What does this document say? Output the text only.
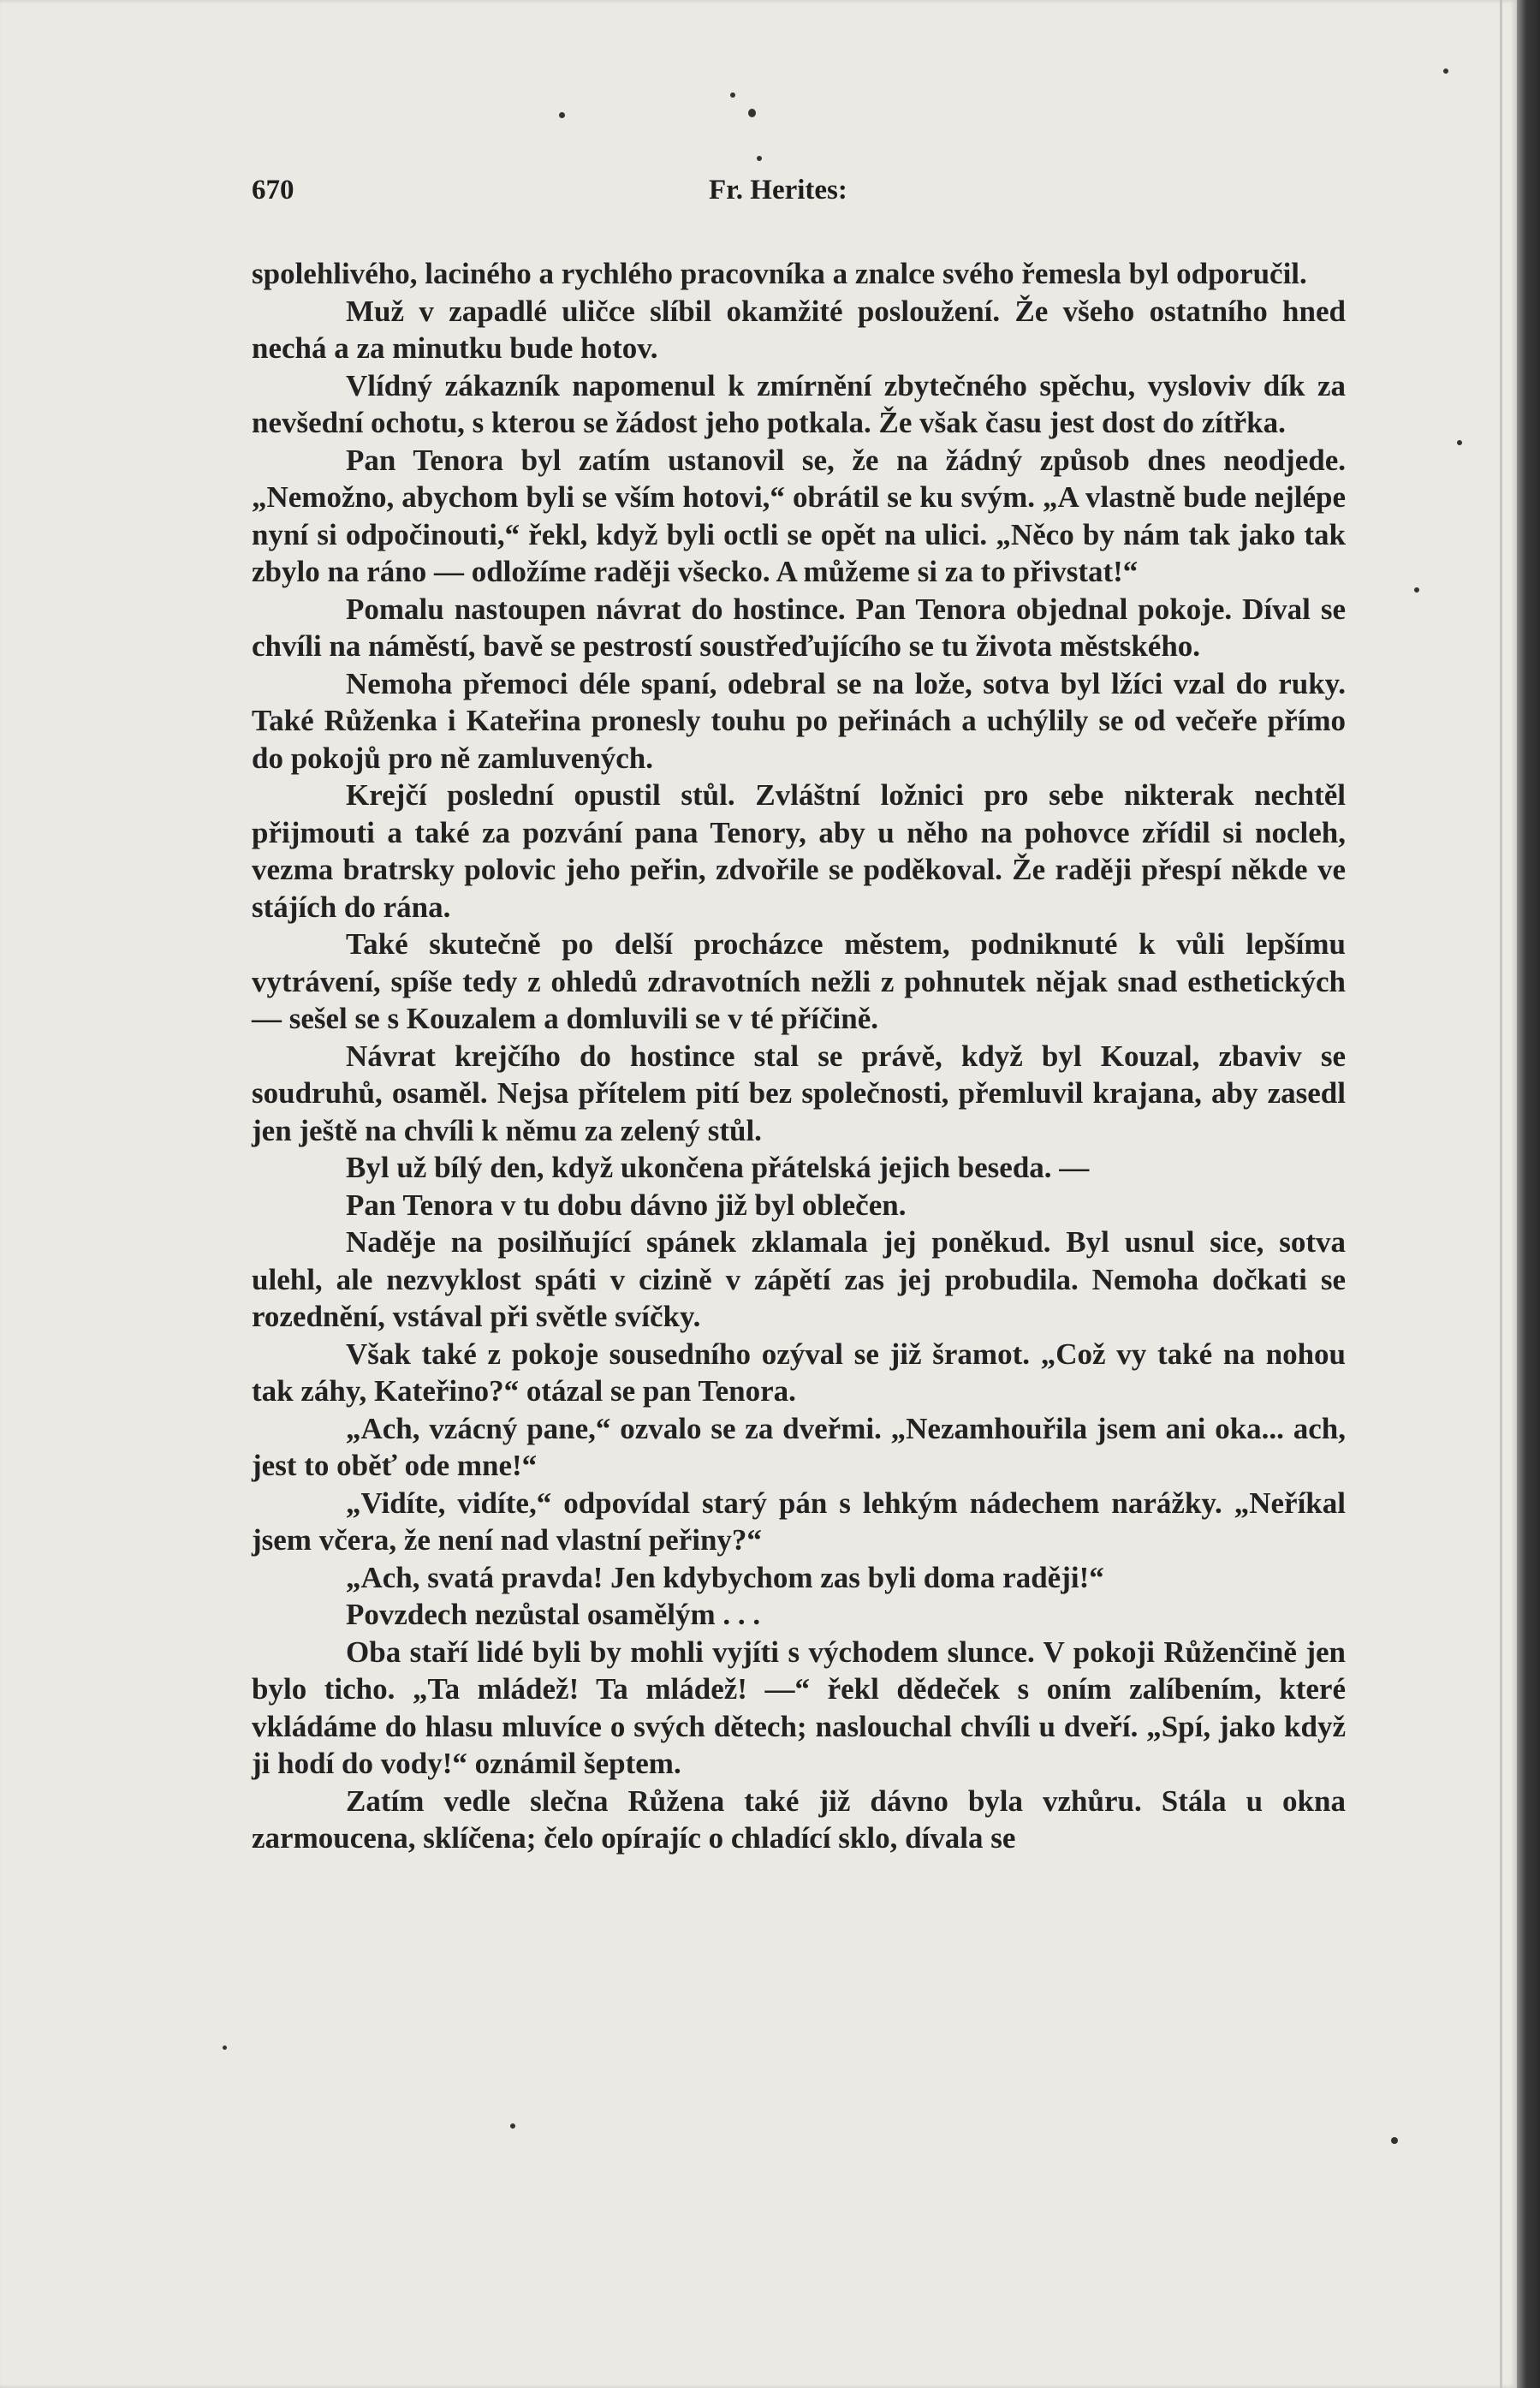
670	Fr. Herites:

spolehlivého, laciného a rychlého pracovníka a znalce svého řemesla byl odporučil.

Muž v zapadlé uličce slíbil okamžité posloužení. Že všeho ostatního hned nechá a za minutku bude hotov.

Vlídný zákazník napomenul k zmírnění zbytečného spěchu, vysloviv dík za nevšední ochotu, s kterou se žádost jeho potkala. Že však času jest dost do zítřka.

Pan Tenora byl zatím ustanovil se, že na žádný způsob dnes neodjede. „Nemožno, abychom byli se vším hotovi,“ obrátil se ku svým. „A vlastně bude nejlépe nyní si odpočinouti,“ řekl, když byli octli se opět na ulici. „Něco by nám tak jako tak zbylo na ráno — odložíme raději všecko. A můžeme si za to přivstat!“

Pomalu nastoupen návrat do hostince. Pan Tenora objednal pokoje. Díval se chvíli na náměstí, bavě se pestrostí soustřeďujícího se tu života městského.

Nemoha přemoci déle spaní, odebral se na lože, sotva byl lžíci vzal do ruky. Také Růženka i Kateřina pronesly touhu po peřinách a uchýlily se od večeře přímo do pokojů pro ně zamluvených.

Krejčí poslední opustil stůl. Zvláštní ložnici pro sebe nikterak nechtěl přijmouti a také za pozvání pana Tenory, aby u něho na pohovce zřídil si nocleh, vezma bratrsky polovic jeho peřin, zdvořile se poděkoval. Že raději přespí někde ve stájích do rána.

Také skutečně po delší procházce městem, podniknuté k vůli lepšímu vytrávení, spíše tedy z ohledů zdravotních nežli z pohnutek nějak snad esthetických — sešel se s Kouzalem a domluvili se v té příčině.

Návrat krejčího do hostince stal se právě, když byl Kouzal, zbaviv se soudruhů, osaměl. Nejsa přítelem pití bez společnosti, přemluvil krajana, aby zasedl jen ještě na chvíli k němu za zelený stůl.

Byl už bílý den, když ukončena přátelská jejich beseda. —

Pan Tenora v tu dobu dávno již byl oblečen.

Naděje na posilňující spánek zklamala jej poněkud. Byl usnul sice, sotva ulehl, ale nezvyklost spáti v cizině v zápětí zas jej probudila. Nemoha dočkati se rozednění, vstával při světle svíčky.

Však také z pokoje sousedního ozýval se již šramot. „Což vy také na nohou tak záhy, Kateřino?“ otázal se pan Tenora.

„Ach, vzácný pane,“ ozvalo se za dveřmi. „Nezamhouřila jsem ani oka... ach, jest to oběť ode mne!“

„Vidíte, vidíte,“ odpovídal starý pán s lehkým nádechem narážky. „Neříkal jsem včera, že není nad vlastní peřiny?“

„Ach, svatá pravda! Jen kdybychom zas byli doma raději!“

Povzdech nezůstal osamělým . . .

Oba staří lidé byli by mohli vyjíti s východem slunce. V pokoji Růženčině jen bylo ticho. „Ta mládež! Ta mládež! —“ řekl dědeček s oním zalíbením, které vkládáme do hlasu mluvíce o svých dětech; naslouchal chvíli u dveří. „Spí, jako když ji hodí do vody!“ oznámil šeptem.

Zatím vedle slečna Růžena také již dávno byla vzhůru. Stála u okna zarmoucena, sklíčena; čelo opírajíc o chladící sklo, dívala se
